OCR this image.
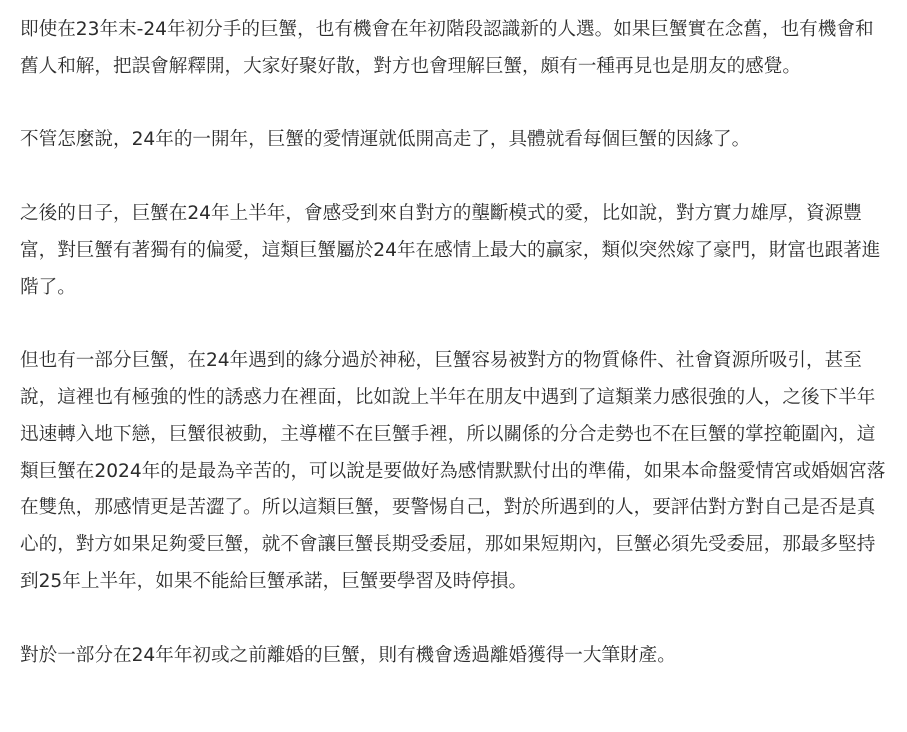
即使在23年末-24年初分手的巨蟹，也有機會在年初階段認識新的人選。如果巨蟹實在念舊，也有機會和舊人和解，把誤會解釋開，大家好聚好散，對方也會理解巨蟹，頗有一種再見也是朋友的感覺。

不管怎麼說，24年的一開年，巨蟹的愛情運就低開高走了，具體就看每個巨蟹的因緣了。

之後的日子，巨蟹在24年上半年，會感受到來自對方的壟斷模式的愛，比如說，對方實力雄厚，資源豐富，對巨蟹有著獨有的偏愛，這類巨蟹屬於24年在感情上最大的贏家，類似突然嫁了豪門，財富也跟著進階了。

但也有一部分巨蟹，在24年遇到的緣分過於神秘，巨蟹容易被對方的物質條件、社會資源所吸引，甚至說，這裡也有極強的性的誘惑力在裡面，比如說上半年在朋友中遇到了這類業力感很強的人，之後下半年迅速轉入地下戀，巨蟹很被動，主導權不在巨蟹手裡，所以關係的分合走勢也不在巨蟹的掌控範圍內，這類巨蟹在2024年的是最為辛苦的，可以說是要做好為感情默默付出的準備，如果本命盤愛情宮或婚姻宮落在雙魚，那感情更是苦澀了。所以這類巨蟹，要警惕自己，對於所遇到的人，要評估對方對自己是否是真心的，對方如果足夠愛巨蟹，就不會讓巨蟹長期受委屈，那如果短期內，巨蟹必須先受委屈，那最多堅持到25年上半年，如果不能給巨蟹承諾，巨蟹要學習及時停損。

對於一部分在24年年初或之前離婚的巨蟹，則有機會透過離婚獲得一大筆財產。
